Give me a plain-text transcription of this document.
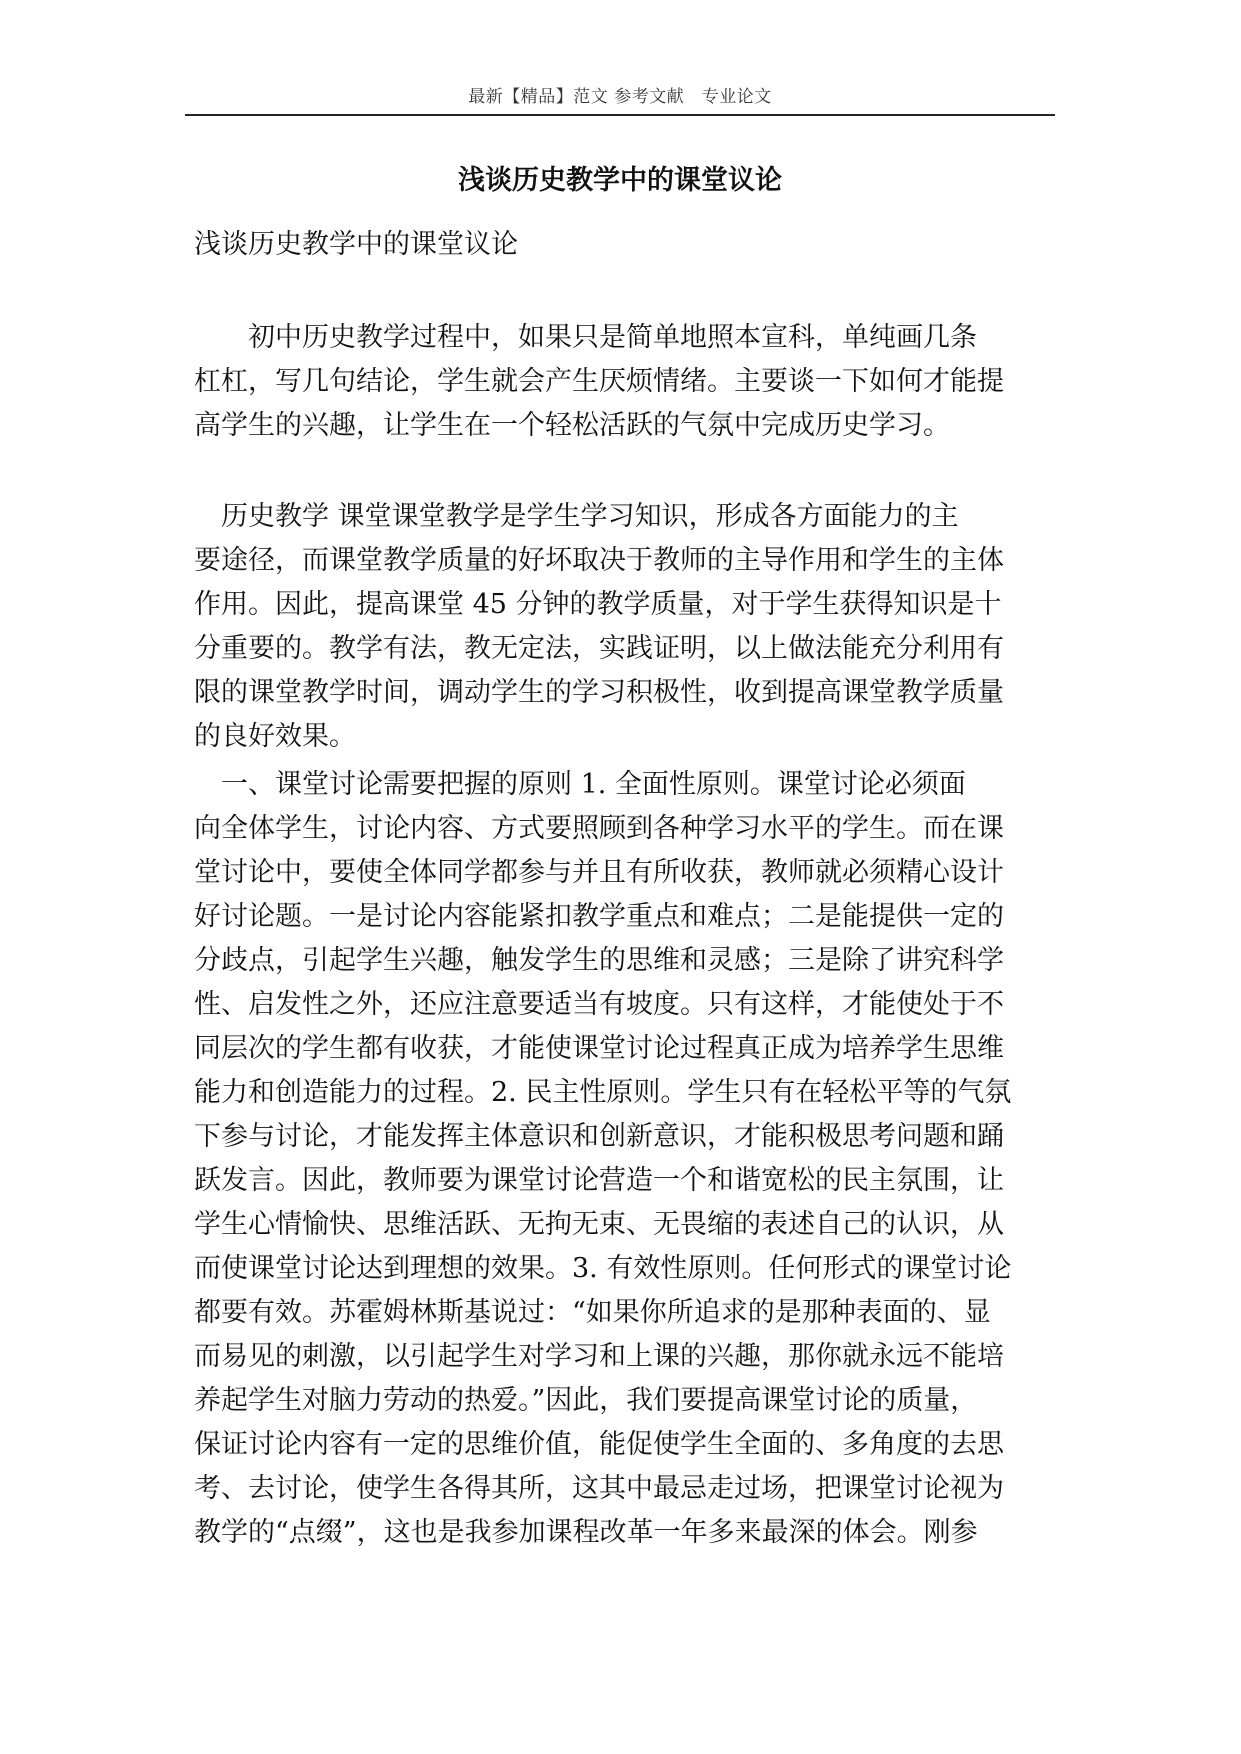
最新【精品】范文 参考文献　专业论文
浅谈历史教学中的课堂议论
浅谈历史教学中的课堂议论
　初中历史教学过程中，如果只是简单地照本宣科，单纯画几条
杠杠，写几句结论，学生就会产生厌烦情绪。主要谈一下如何才能提
高学生的兴趣，让学生在一个轻松活跃的气氛中完成历史学习。
历史教学 课堂课堂教学是学生学习知识，形成各方面能力的主
要途径，而课堂教学质量的好坏取决于教师的主导作用和学生的主体
作用。因此，提高课堂 45 分钟的教学质量，对于学生获得知识是十
分重要的。教学有法，教无定法，实践证明，以上做法能充分利用有
限的课堂教学时间，调动学生的学习积极性，收到提高课堂教学质量
的良好效果。
一、课堂讨论需要把握的原则 1. 全面性原则。课堂讨论必须面
向全体学生，讨论内容、方式要照顾到各种学习水平的学生。而在课
堂讨论中，要使全体同学都参与并且有所收获，教师就必须精心设计
好讨论题。一是讨论内容能紧扣教学重点和难点；二是能提供一定的
分歧点，引起学生兴趣，触发学生的思维和灵感；三是除了讲究科学
性、启发性之外，还应注意要适当有坡度。只有这样，才能使处于不
同层次的学生都有收获，才能使课堂讨论过程真正成为培养学生思维
能力和创造能力的过程。2. 民主性原则。学生只有在轻松平等的气氛
下参与讨论，才能发挥主体意识和创新意识，才能积极思考问题和踊
跃发言。因此，教师要为课堂讨论营造一个和谐宽松的民主氛围，让
学生心情愉快、思维活跃、无拘无束、无畏缩的表述自己的认识，从
而使课堂讨论达到理想的效果。3. 有效性原则。任何形式的课堂讨论
都要有效。苏霍姆林斯基说过：“如果你所追求的是那种表面的、显
而易见的刺激，以引起学生对学习和上课的兴趣，那你就永远不能培
养起学生对脑力劳动的热爱。”因此，我们要提高课堂讨论的质量，
保证讨论内容有一定的思维价值，能促使学生全面的、多角度的去思
考、去讨论，使学生各得其所，这其中最忌走过场，把课堂讨论视为
教学的“点缀”，这也是我参加课程改革一年多来最深的体会。刚参
